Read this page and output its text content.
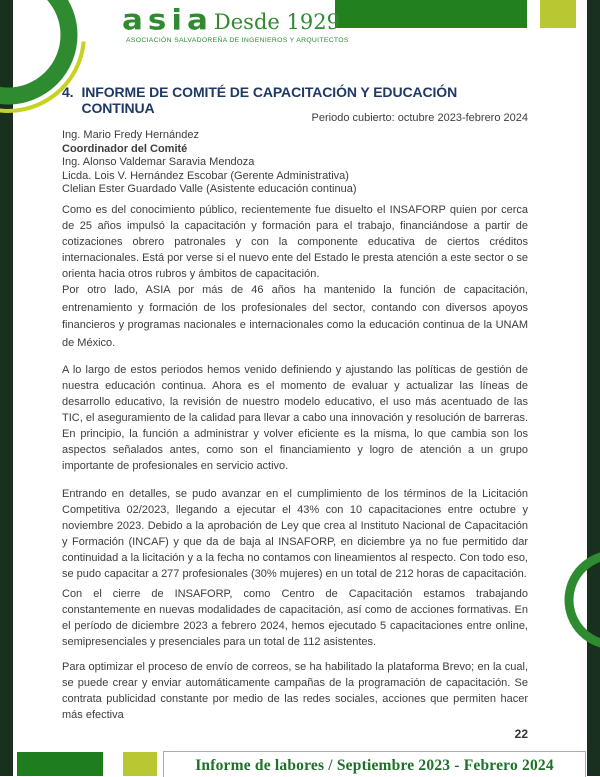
asia Desde 1929
ASOCIACIÓN SALVADOREÑA DE INGENIEROS Y ARQUITECTOS
4. INFORME DE COMITÉ DE CAPACITACIÓN Y EDUCACIÓN CONTINUA
Periodo cubierto: octubre 2023-febrero 2024
Ing. Mario Fredy Hernández
Coordinador del Comité
Ing. Alonso Valdemar Saravia Mendoza
Licda. Lois V. Hernández Escobar (Gerente Administrativa)
Clelian Ester Guardado Valle (Asistente educación continua)

Como es del conocimiento público, recientemente fue disuelto el INSAFORP quien por cerca de 25 años impulsó la capacitación y formación para el trabajo, financiándose a partir de cotizaciones obrero patronales y con la componente educativa de ciertos créditos internacionales. Está por verse si el nuevo ente del Estado le presta atención a este sector o se orienta hacia otros rubros y ámbitos de capacitación.

Por otro lado, ASIA por más de 46 años ha mantenido la función de capacitación, entrenamiento y formación de los profesionales del sector, contando con diversos apoyos financieros y programas nacionales e internacionales como la educación continua de la UNAM de México.

A lo largo de estos periodos hemos venido definiendo y ajustando las políticas de gestión de nuestra educación continua. Ahora es el momento de evaluar y actualizar las líneas de desarrollo educativo, la revisión de nuestro modelo educativo, el uso más acentuado de las TIC, el aseguramiento de la calidad para llevar a cabo una innovación y resolución de barreras. En principio, la función a administrar y volver eficiente es la misma, lo que cambia son los aspectos señalados antes, como son el financiamiento y logro de atención a un grupo importante de profesionales en servicio activo.

Entrando en detalles, se pudo avanzar en el cumplimiento de los términos de la Licitación Competitiva 02/2023, llegando a ejecutar el 43% con 10 capacitaciones entre octubre y noviembre 2023. Debido a la aprobación de Ley que crea al Instituto Nacional de Capacitación y Formación (INCAF) y que da de baja al INSAFORP, en diciembre ya no fue permitido dar continuidad a la licitación y a la fecha no contamos con lineamientos al respecto. Con todo eso, se pudo capacitar a 277 profesionales (30% mujeres) en un total de 212 horas de capacitación.

Con el cierre de INSAFORP, como Centro de Capacitación estamos trabajando constantemente en nuevas modalidades de capacitación, así como de acciones formativas. En el período de diciembre 2023 a febrero 2024, hemos ejecutado 5 capacitaciones entre online, semipresenciales y presenciales para un total de 112 asistentes.

Para optimizar el proceso de envío de correos, se ha habilitado la plataforma Brevo; en la cual, se puede crear y enviar automáticamente campañas de la programación de capacitación. Se contrata publicidad constante por medio de las redes sociales, acciones que permiten hacer más efectiva

22
Informe de labores / Septiembre 2023 - Febrero 2024
